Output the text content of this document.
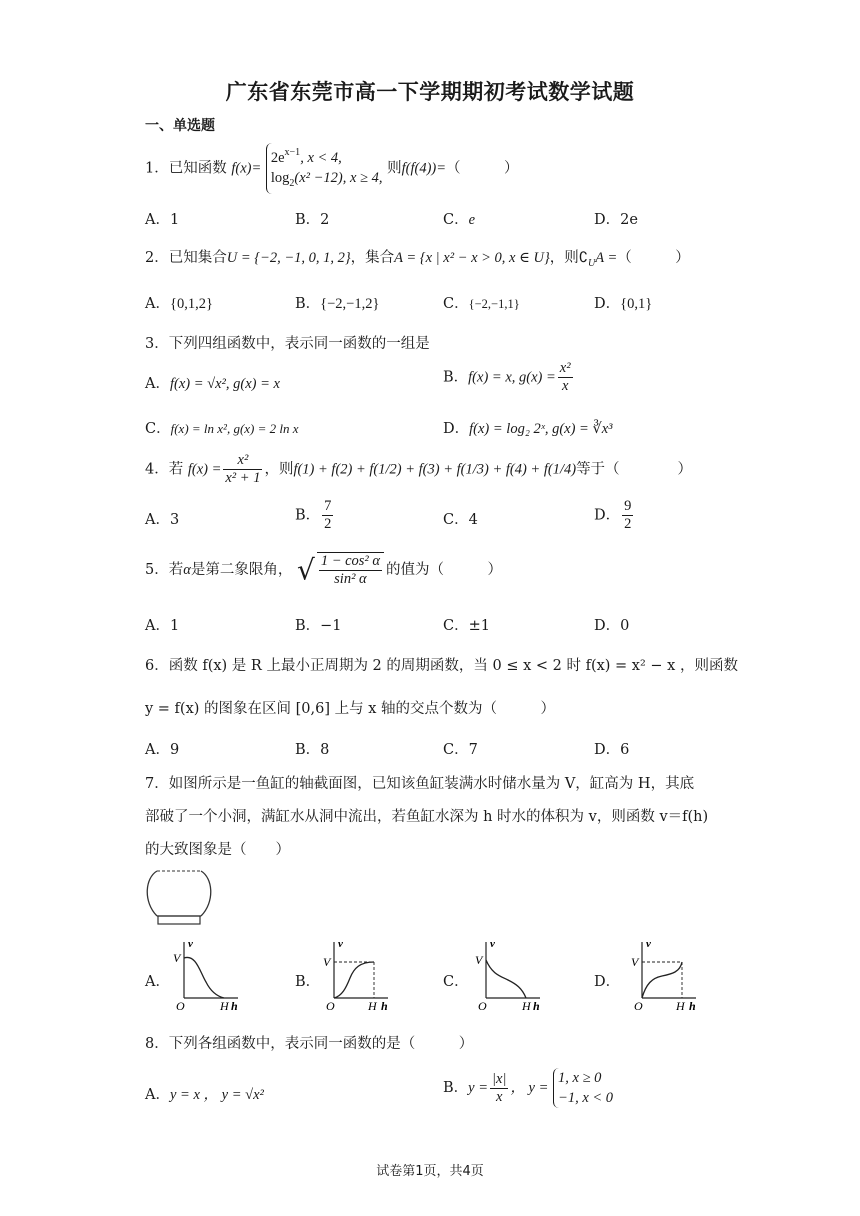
广东省东莞市高一下学期期初考试数学试题
一、单选题
1．已知函数 f(x)=
$2e^{x-1}$, x < 4,
$\log_2(x^2 -12)$, x ≥ 4,
则f(f(4))=（　　　）
A．1	B．2	C．e	D．2e
2．已知集合U = {−2, −1, 0, 1, 2}，集合A = {x | x² − x > 0, x ∈ U}，则$∁_UA$ =（　　　）
A．{0,1,2}	B．{−2,−1,2}	C．{−2,−1,1}	D．{0,1}
3．下列四组函数中，表示同一函数的一组是
A．f(x) = √x², g(x) = x	B．f(x) = x, $g(x) = \frac{\text{x²}}{x}$
C．f(x) = ln x², g(x) = 2 ln x	D．f(x) = log₂ 2ˣ, g(x) = ∛x³
4．若 $f(x) = \frac{\text{x²}}{\text{x² + 1}}$ ，则f(1) + f(2) + f(1/2) + f(3) + f(1/3) + f(4) + f(1/4)等于（　　　　）
A．3	B． $\frac{7}{2}$	C．4	D． $\frac{9}{2}$
5．若α是第二象限角， √ $\frac{\text{1 − cos² α}}{\text{sin² α}}$ 的值为（　　　）
A．1	B．−1	C．±1	D．0
6．函数 f(x) 是 R 上最小正周期为 2 的周期函数，当 0 ≤ x < 2 时 f(x) = x² − x ，则函数
y = f(x) 的图象在区间 [0,6] 上与 x 轴的交点个数为（　　　）
A．9	B．8	C．7	D．6
7．如图所示是一鱼缸的轴截面图，已知该鱼缸装满水时储水量为 V，缸高为 H，其底
部破了一个小洞，满缸水从洞中流出，若鱼缸水深为 h 时水的体积为 v，则函数 v＝f(h)
的大致图象是（　　）
A．	B．	C．	D．
v
V
O	H h
v
V
O	H h
v
V
O	H h
v
V
O	H h
8．下列各组函数中，表示同一函数的是（　　　）
A．y = x ， y = √x²	B．$y = \frac{|x|}{x}$ ， y =
1, x ≥ 0
−1, x < 0
试卷第1页，共4页
